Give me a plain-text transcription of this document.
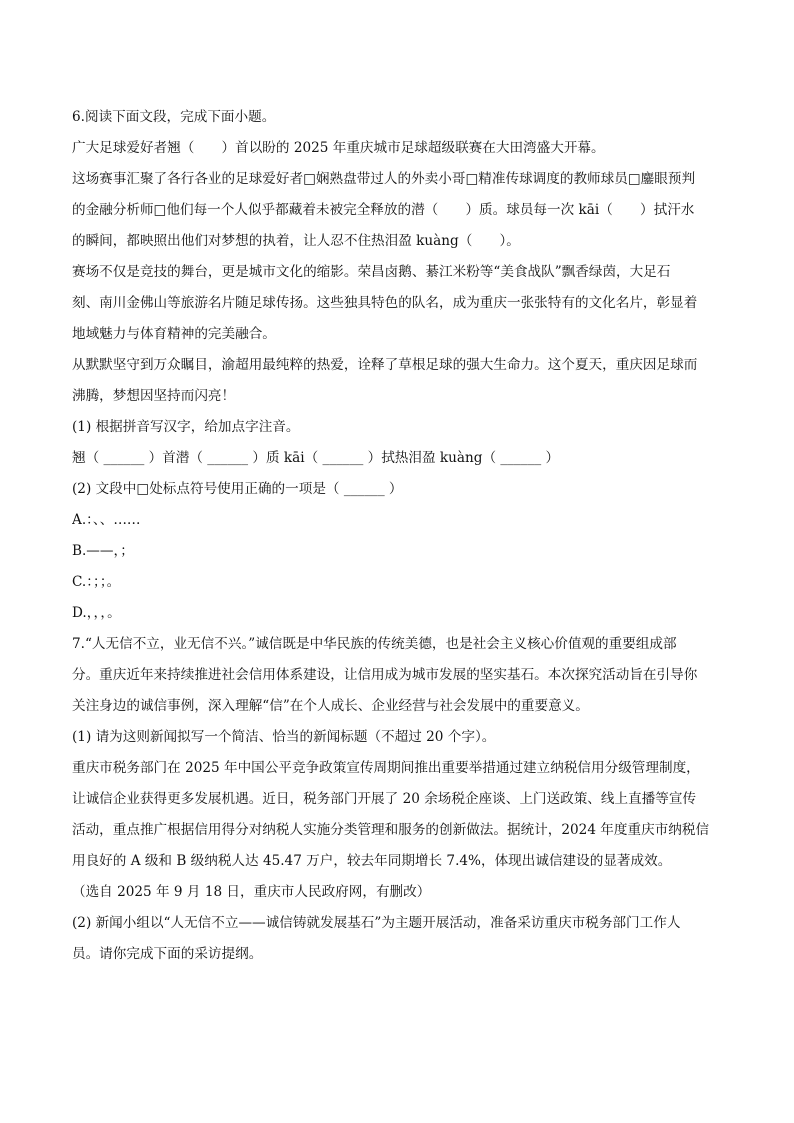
6.阅读下面文段，完成下面小题。
广大足球爱好者翘（　　）首以盼的 2025 年重庆城市足球超级联赛在大田湾盛大开幕。
这场赛事汇聚了各行各业的足球爱好者□娴熟盘带过人的外卖小哥□精准传球调度的教师球员□鏖眼预判
的金融分析师□他们每一个人似乎都藏着未被完全释放的潜（　　）质。球员每一次 kāi（　　）拭汗水
的瞬间，都映照出他们对梦想的执着，让人忍不住热泪盈 kuàng（　　）。
赛场不仅是竞技的舞台，更是城市文化的缩影。荣昌卤鹅、綦江米粉等“美食战队”飘香绿茵，大足石
刻、南川金佛山等旅游名片随足球传扬。这些独具特色的队名，成为重庆一张张特有的文化名片，彰显着
地域魅力与体育精神的完美融合。
从默默坚守到万众瞩目，渝超用最纯粹的热爱，诠释了草根足球的强大生命力。这个夏天，重庆因足球而
沸腾，梦想因坚持而闪亮！
(1) 根据拼音写汉字，给加点字注音。
翘（ ______ ）首潜（ ______ ）质 kāi（ ______ ）拭热泪盈 kuàng（ ______ ）
(2) 文段中□处标点符号使用正确的一项是（ ______ ）
A.：、、……
B.——，；
C.：；；。
D.，，，。
7.“人无信不立，业无信不兴。”诚信既是中华民族的传统美德，也是社会主义核心价值观的重要组成部
分。重庆近年来持续推进社会信用体系建设，让信用成为城市发展的坚实基石。本次探究活动旨在引导你
关注身边的诚信事例，深入理解“信”在个人成长、企业经营与社会发展中的重要意义。
(1) 请为这则新闻拟写一个简洁、恰当的新闻标题（不超过 20 个字）。
重庆市税务部门在 2025 年中国公平竞争政策宣传周期间推出重要举措通过建立纳税信用分级管理制度，
让诚信企业获得更多发展机遇。近日，税务部门开展了 20 余场税企座谈、上门送政策、线上直播等宣传
活动，重点推广根据信用得分对纳税人实施分类管理和服务的创新做法。据统计，2024 年度重庆市纳税信
用良好的 A 级和 B 级纳税人达 45.47 万户，较去年同期增长 7.4%，体现出诚信建设的显著成效。
（选自 2025 年 9 月 18 日，重庆市人民政府网，有删改）
(2) 新闻小组以“人无信不立——诚信铸就发展基石”为主题开展活动，准备采访重庆市税务部门工作人
员。请你完成下面的采访提纲。
